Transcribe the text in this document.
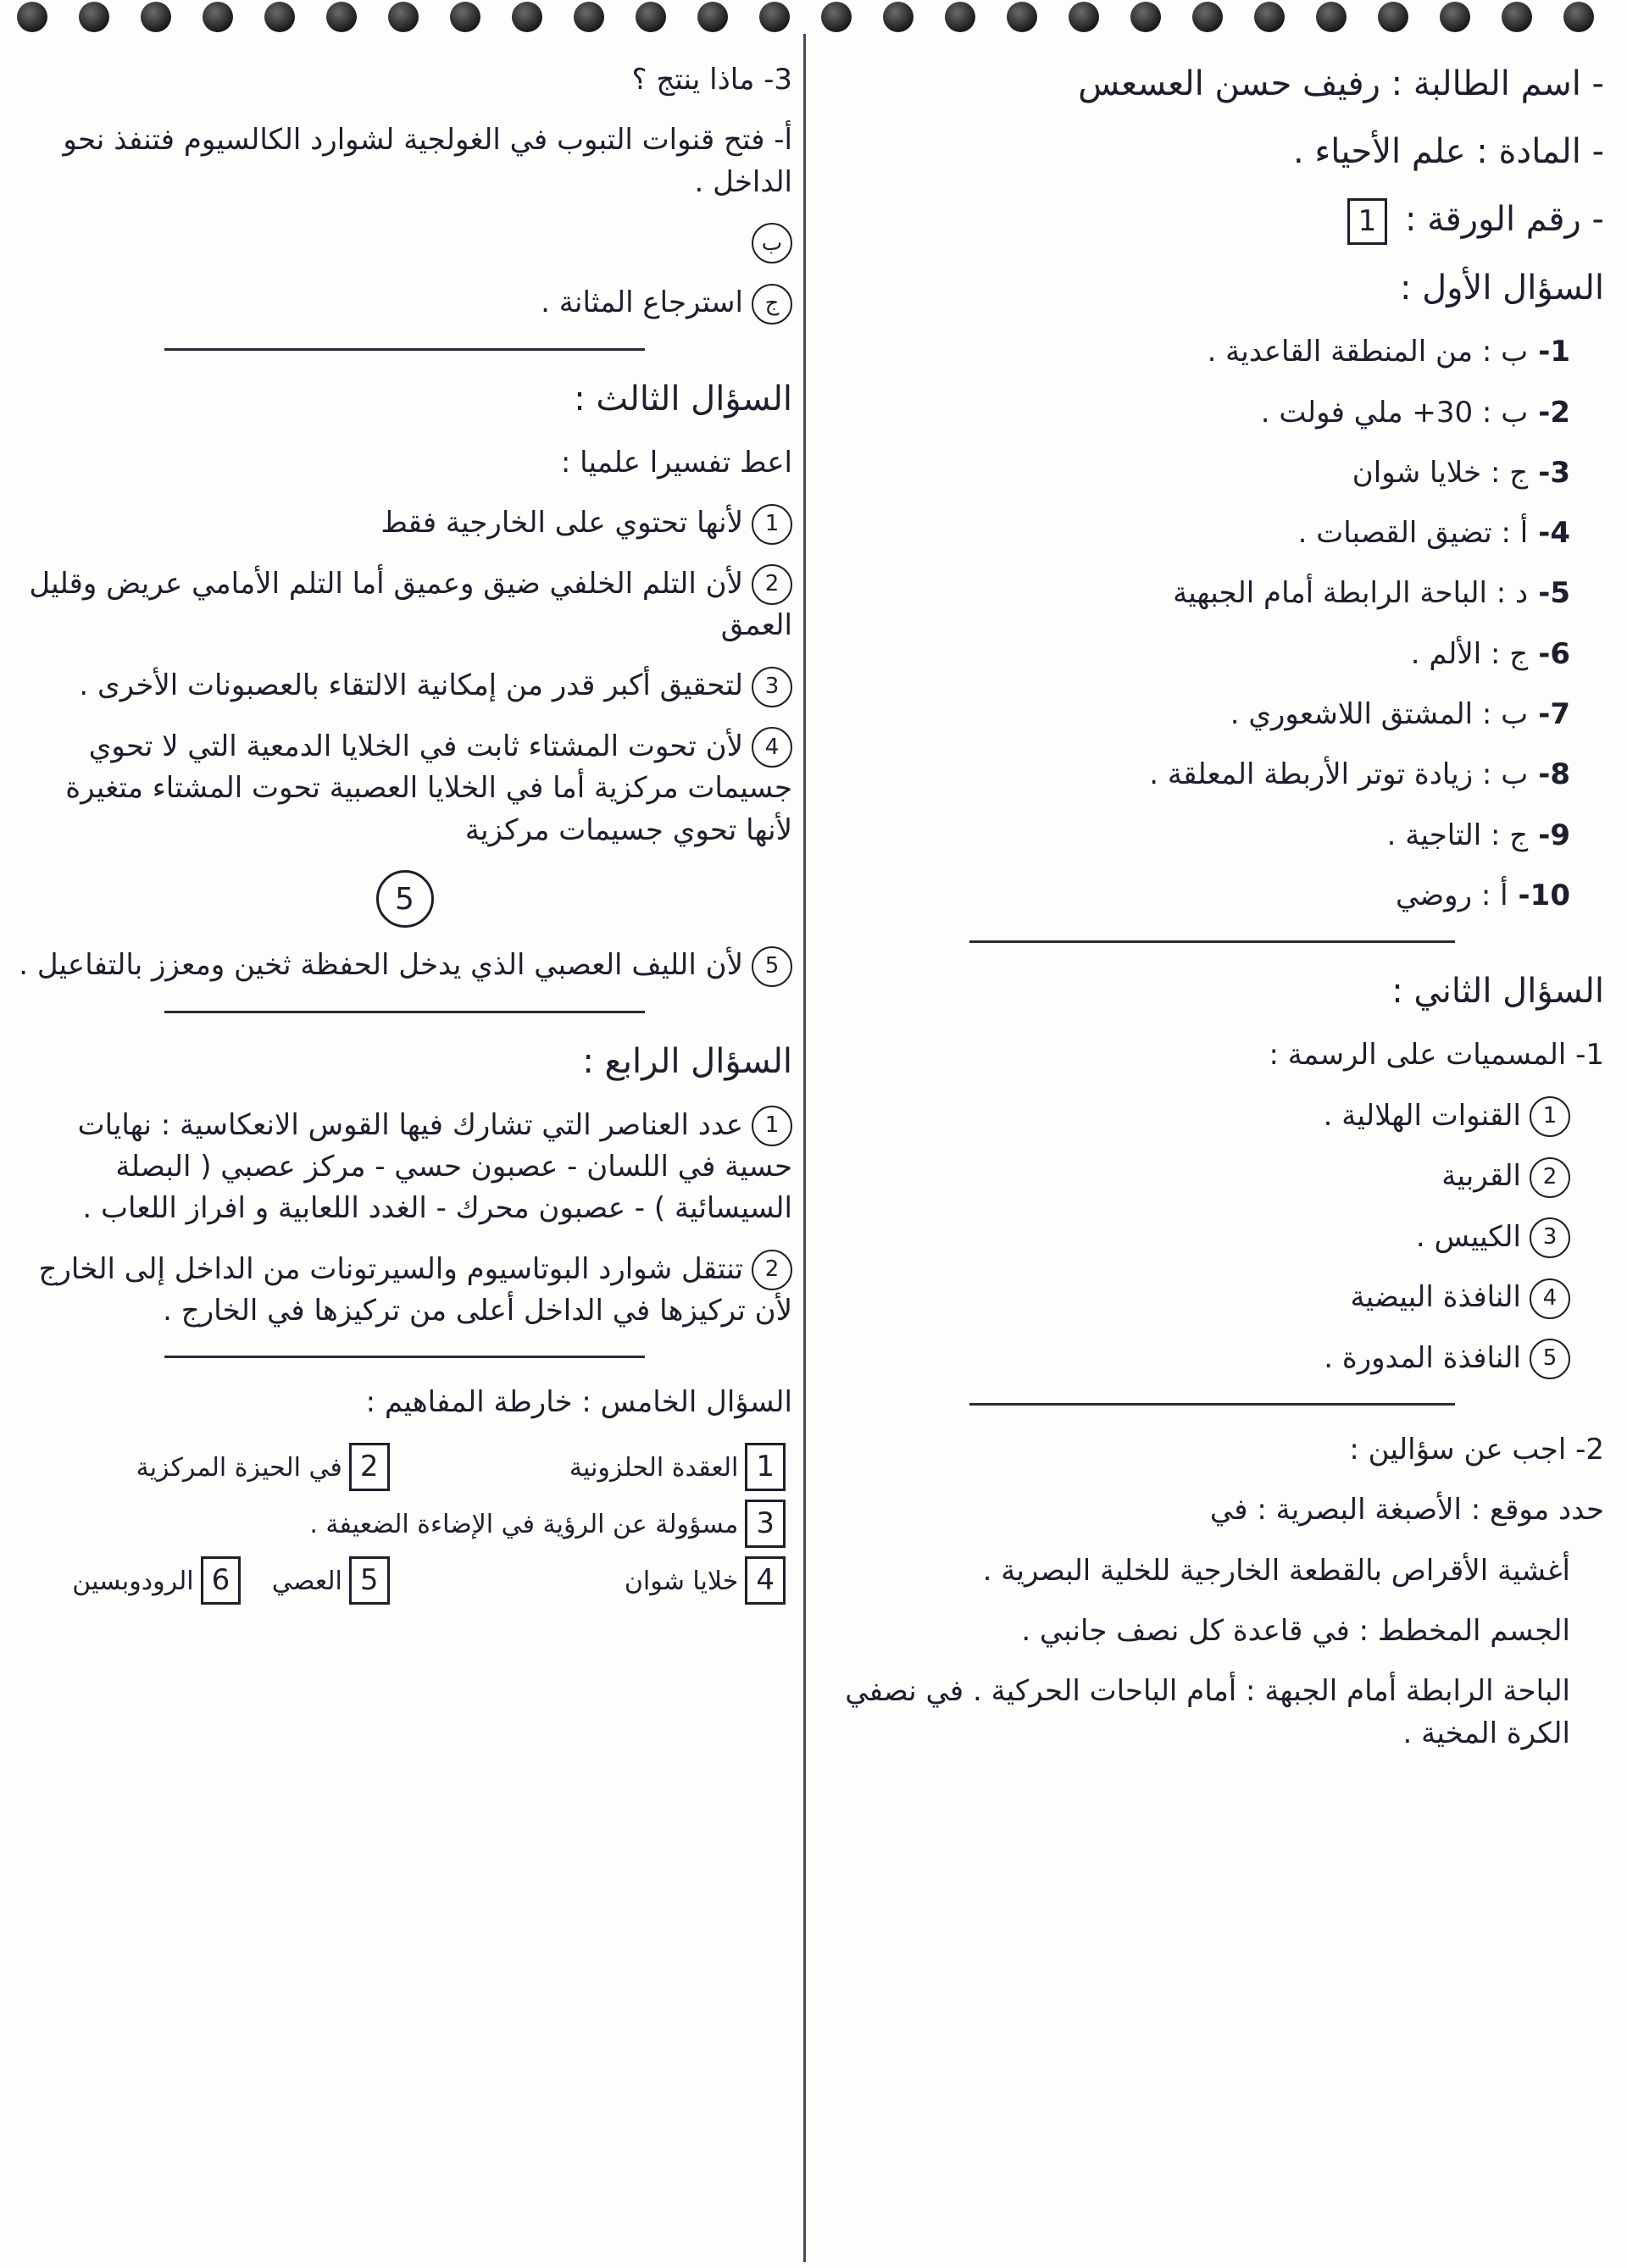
- اسم الطالبة : رفيف حسن العسعس

- المادة : علم الأحياء .

- رقم الورقة : 1

السؤال الأول :

1-ب : من المنطقة القاعدية .

2-ب : 30+ ملي فولت .

3-ج : خلايا شوان

4-أ : تضيق القصبات .

5-د : الباحة الرابطة أمام الجبهية

6-ج : الألم .

7-ب : المشتق اللاشعوري .

8-ب : زيادة توتر الأربطة المعلقة .

9-ج : التاجية .

10-أ : روضي

السؤال الثاني :

1- المسميات على الرسمة :

1القنوات الهلالية .

2القربية

3الكييس .

4النافذة البيضية

5النافذة المدورة .

2- اجب عن سؤالين :

حدد موقع : الأصبغة البصرية : في

أغشية الأقراص بالقطعة الخارجية للخلية البصرية .

الجسم المخطط : في قاعدة كل نصف جانبي .

الباحة الرابطة أمام الجبهة : أمام الباحات الحركية . في نصفي الكرة المخية .

3- ماذا ينتج ؟

أ- فتح قنوات التبوب في الغولجية لشوارد الكالسيوم فتنفذ نحو الداخل .

ب

جاسترجاع المثانة .

السؤال الثالث :

اعط تفسيرا علميا :

1لأنها تحتوي على الخارجية فقط

2لأن التلم الخلفي ضيق وعميق أما التلم الأمامي عريض وقليل العمق

3لتحقيق أكبر قدر من إمكانية الالتقاء بالعصبونات الأخرى .

4لأن تحوت المشتاء ثابت في الخلايا الدمعية التي لا تحوي جسيمات مركزية أما في الخلايا العصبية تحوت المشتاء متغيرة لأنها تحوي جسيمات مركزية

5

5لأن الليف العصبي الذي يدخل الحفظة ثخين ومعزز بالتفاعيل .

السؤال الرابع :

1عدد العناصر التي تشارك فيها القوس الانعكاسية : نهايات حسية في اللسان - عصبون حسي - مركز عصبي ( البصلة السيسائية ) - عصبون محرك - الغدد اللعابية و افراز اللعاب .

2تنتقل شوارد البوتاسيوم والسيرتونات من الداخل إلى الخارج لأن تركيزها في الداخل أعلى من تركيزها في الخارج .

السؤال الخامس : خارطة المفاهيم :

1العقدة الحلزونية
2في الحيزة المركزية
3مسؤولة عن الرؤية في الإضاءة الضعيفة .
4خلايا شوان
5العصي   6الرودوبسين
